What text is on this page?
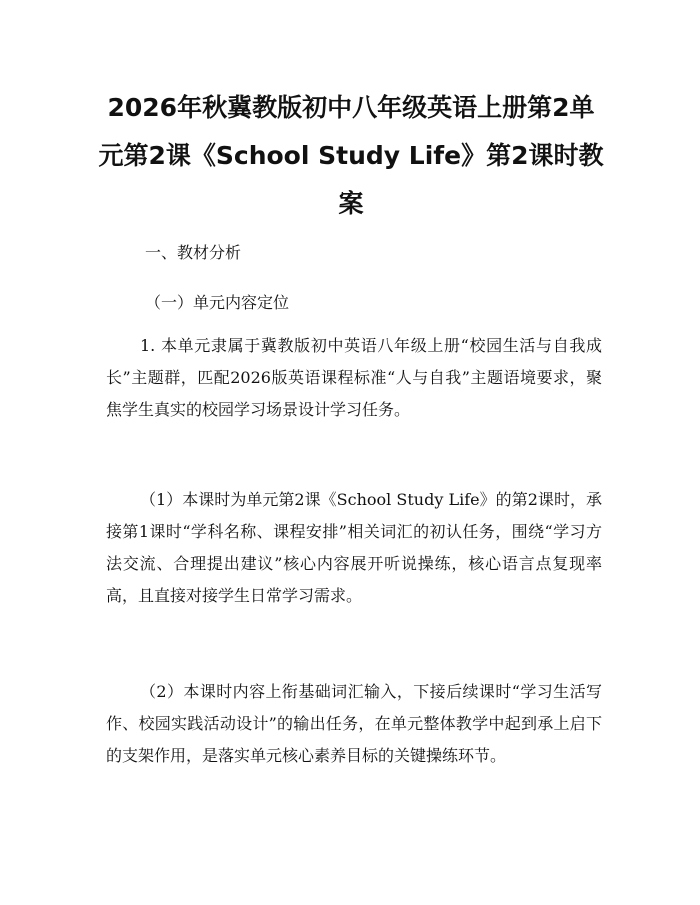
2026年秋冀教版初中八年级英语上册第2单元第2课《School Study Life》第2课时教案

一、教材分析

（一）单元内容定位

1. 本单元隶属于冀教版初中英语八年级上册“校园生活与自我成长”主题群，匹配2026版英语课程标准“人与自我”主题语境要求，聚焦学生真实的校园学习场景设计学习任务。

（1）本课时为单元第2课《School Study Life》的第2课时，承接第1课时“学科名称、课程安排”相关词汇的初认任务，围绕“学习方法交流、合理提出建议”核心内容展开听说操练，核心语言点复现率高，且直接对接学生日常学习需求。

（2）本课时内容上衔基础词汇输入，下接后续课时“学习生活写作、校园实践活动设计”的输出任务，在单元整体教学中起到承上启下的支架作用，是落实单元核心素养目标的关键操练环节。
